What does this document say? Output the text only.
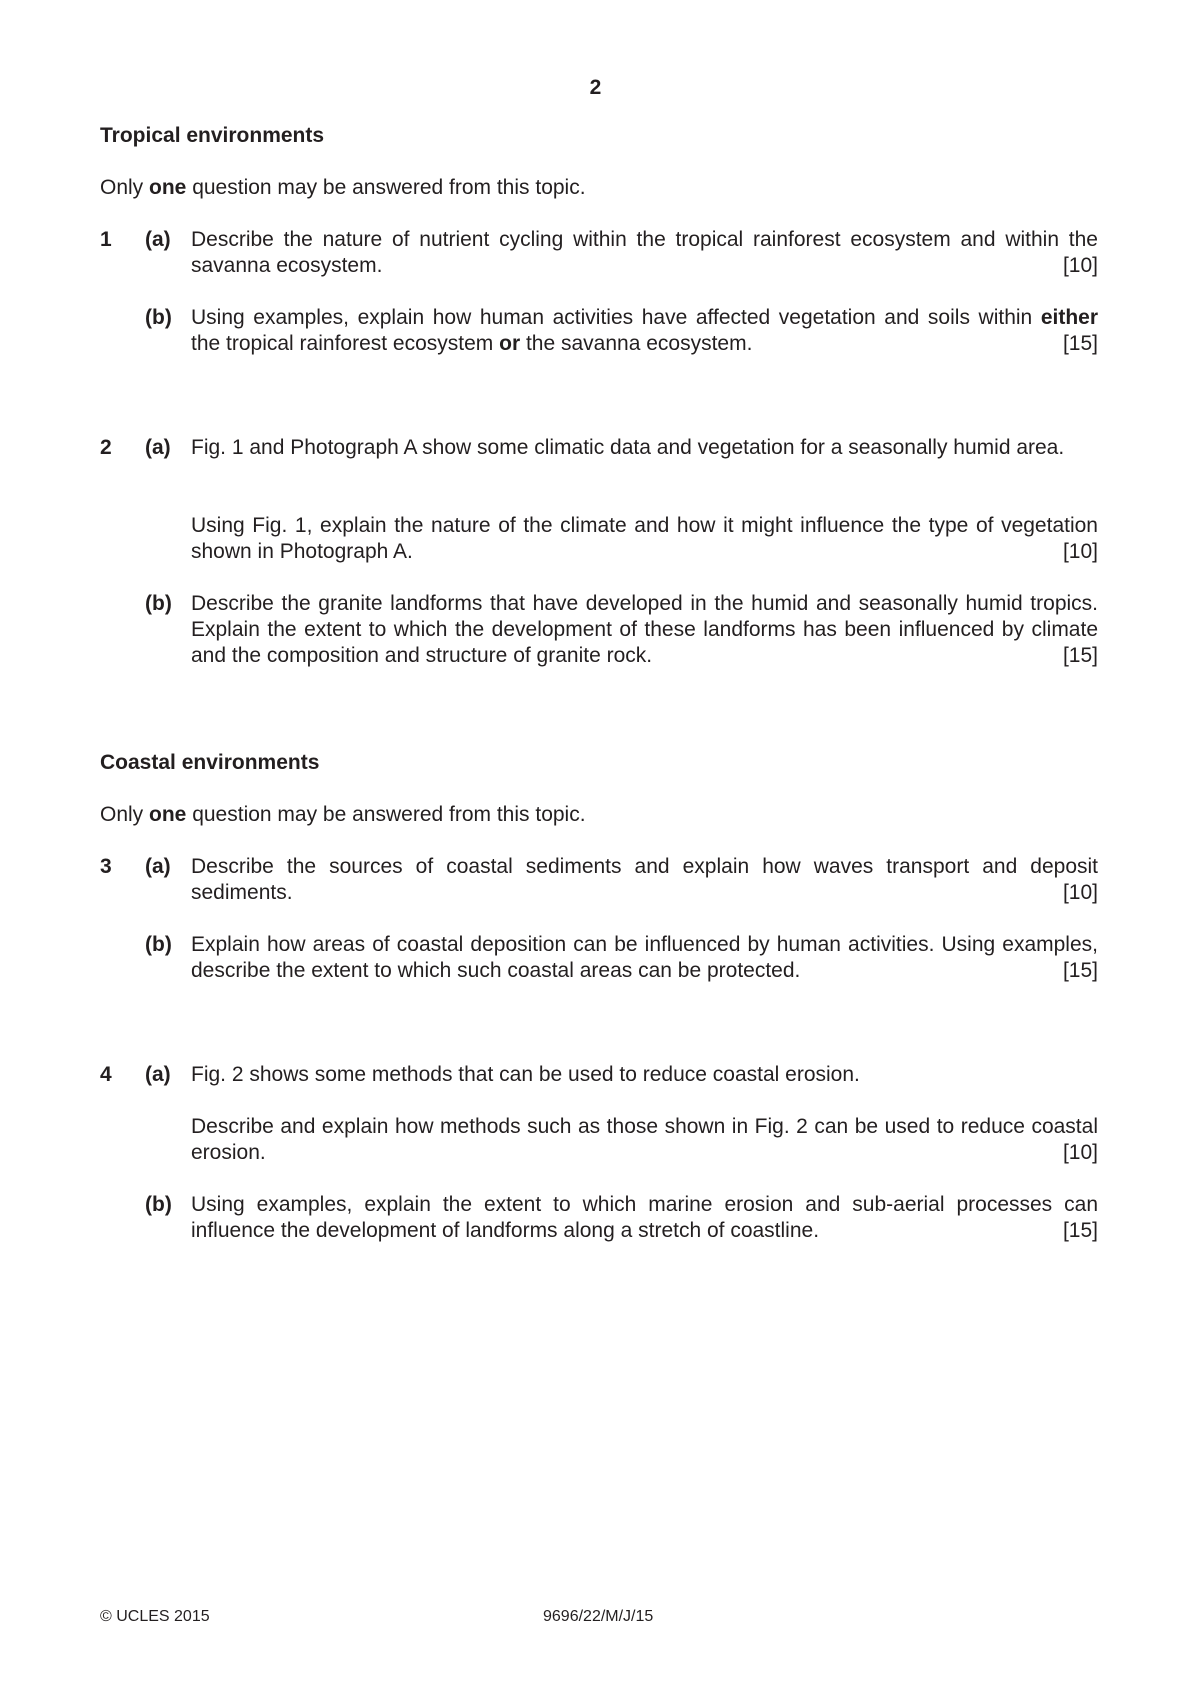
2
Tropical environments
Only one question may be answered from this topic.
1 (a) Describe the nature of nutrient cycling within the tropical rainforest ecosystem and within the savanna ecosystem.	[10]
(b) Using examples, explain how human activities have affected vegetation and soils within either the tropical rainforest ecosystem or the savanna ecosystem.	[15]
2 (a) Fig. 1 and Photograph A show some climatic data and vegetation for a seasonally humid area.
Using Fig. 1, explain the nature of the climate and how it might influence the type of vegetation shown in Photograph A.	[10]
(b) Describe the granite landforms that have developed in the humid and seasonally humid tropics. Explain the extent to which the development of these landforms has been influenced by climate and the composition and structure of granite rock.	[15]
Coastal environments
Only one question may be answered from this topic.
3 (a) Describe the sources of coastal sediments and explain how waves transport and deposit sediments.	[10]
(b) Explain how areas of coastal deposition can be influenced by human activities. Using examples, describe the extent to which such coastal areas can be protected.	[15]
4 (a) Fig. 2 shows some methods that can be used to reduce coastal erosion.
Describe and explain how methods such as those shown in Fig. 2 can be used to reduce coastal erosion.	[10]
(b) Using examples, explain the extent to which marine erosion and sub-aerial processes can influence the development of landforms along a stretch of coastline.	[15]
© UCLES 2015	9696/22/M/J/15
